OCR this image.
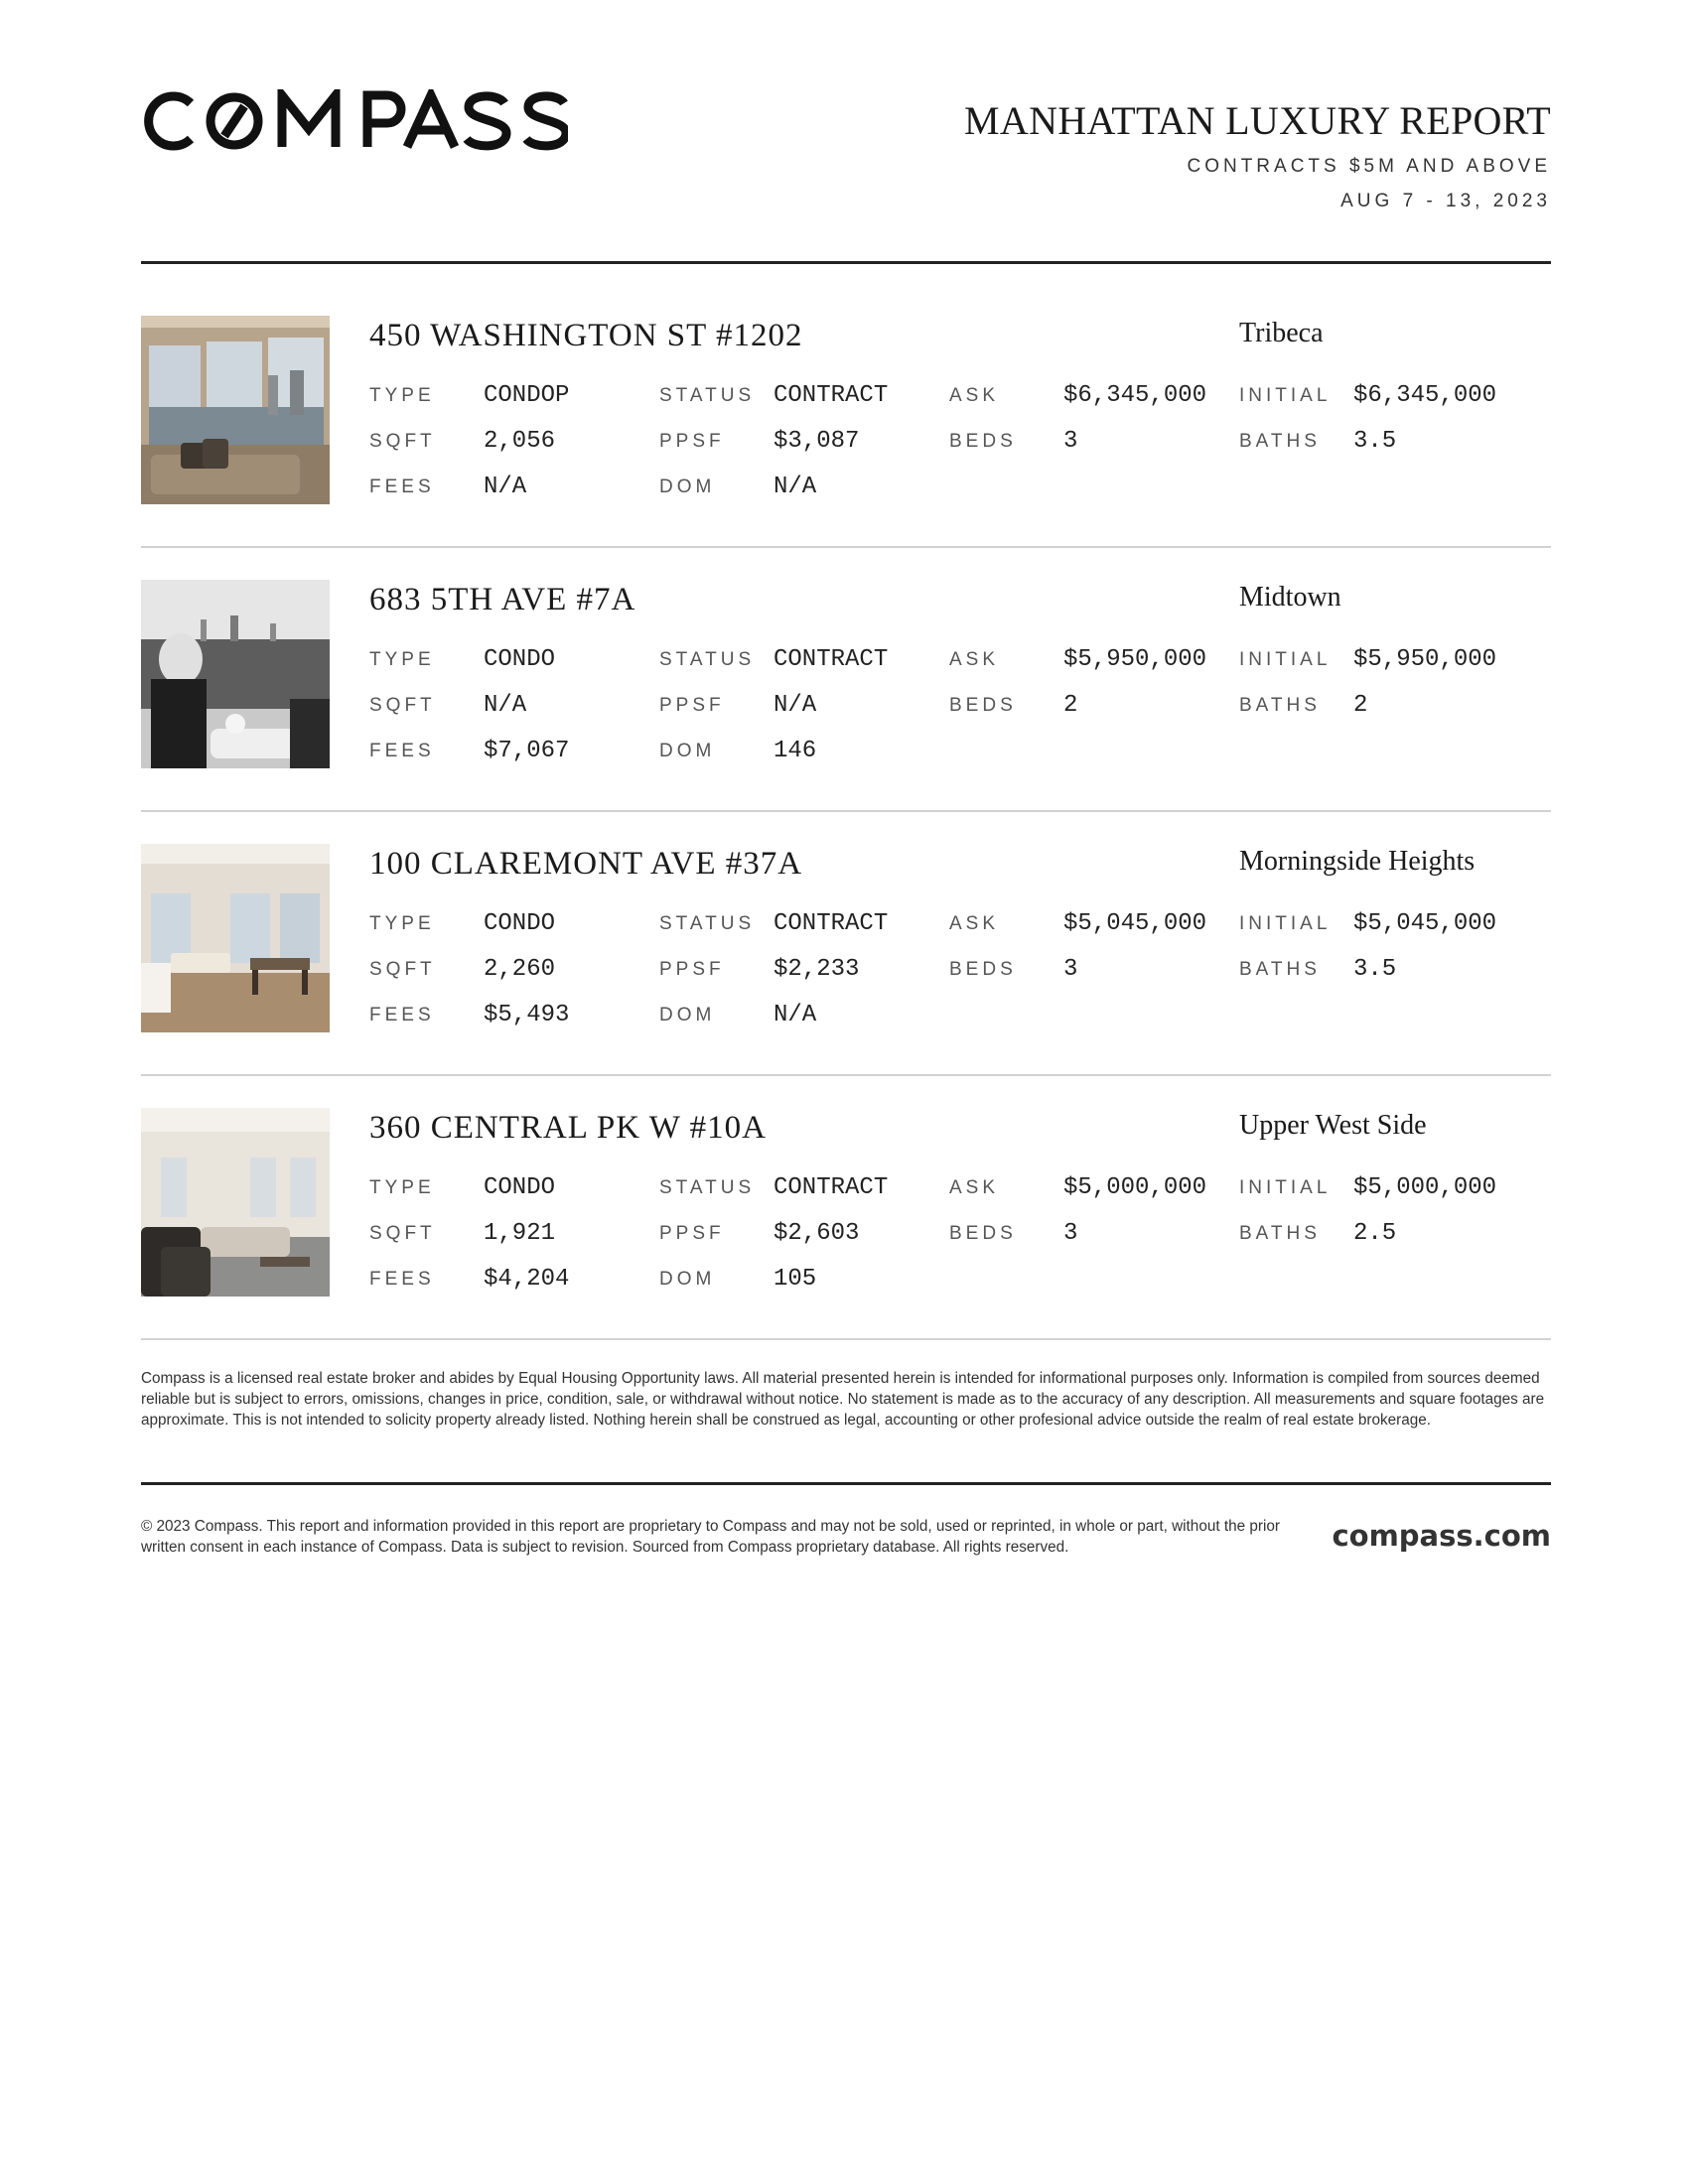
MANHATTAN LUXURY REPORT
CONTRACTS $5M AND ABOVE
AUG 7 - 13, 2023
450 WASHINGTON ST #1202	Tribeca
TYPE CONDOP	STATUS CONTRACT	ASK	$6,345,000 INITIAL $6,345,000
SQFT 2,056	PPSF $3,087	BEDS 3	BATHS 3.5
FEES N/A	DOM N/A
683 5TH AVE #7A	Midtown
TYPE CONDO	STATUS CONTRACT	ASK	$5,950,000 INITIAL $5,950,000
SQFT N/A	PPSF N/A	BEDS 2	BATHS 2
FEES $7,067	DOM 146
100 CLAREMONT AVE #37A	Morningside Heights
TYPE CONDO	STATUS CONTRACT	ASK	$5,045,000 INITIAL $5,045,000
SQFT 2,260	PPSF $2,233	BEDS 3	BATHS 3.5
FEES $5,493	DOM N/A
360 CENTRAL PK W #10A	Upper West Side
TYPE CONDO	STATUS CONTRACT	ASK	$5,000,000 INITIAL $5,000,000
SQFT 1,921	PPSF $2,603	BEDS 3	BATHS 2.5
FEES $4,204	DOM 105
Compass is a licensed real estate broker and abides by Equal Housing Opportunity laws. All material presented herein is intended for informational purposes only. Information is compiled from sources deemed reliable but is subject to errors, omissions, changes in price, condition, sale, or withdrawal without notice. No statement is made as to the accuracy of any description. All measurements and square footages are approximate. This is not intended to solicity property already listed. Nothing herein shall be construed as legal, accounting or other profesional advice outside the realm of real estate brokerage.
© 2023 Compass. This report and information provided in this report are proprietary to Compass and may not be sold, used or reprinted, in whole or part, without the prior written consent in each instance of Compass. Data is subject to revision. Sourced from Compass proprietary database. All rights reserved.	compass.com
